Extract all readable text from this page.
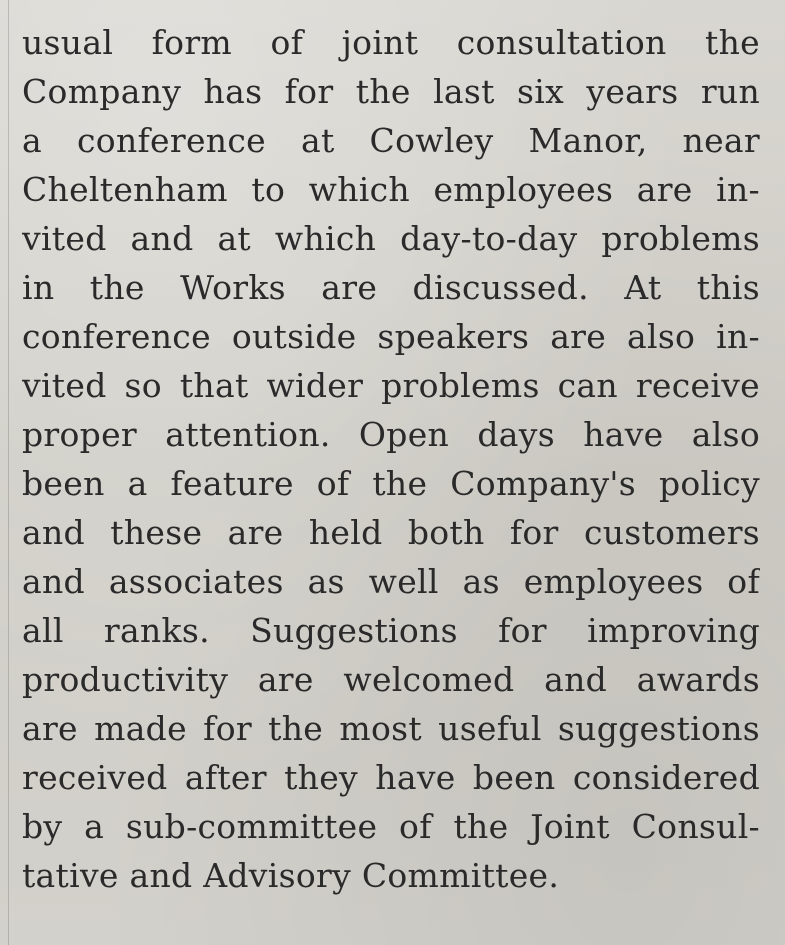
usual form of joint consultation the
Company has for the last six years run
a conference at Cowley Manor, near
Cheltenham to which employees are in-
vited and at which day-to-day problems
in the Works are discussed. At this
conference outside speakers are also in-
vited so that wider problems can receive
proper attention. Open days have also
been a feature of the Company's policy
and these are held both for customers
and associates as well as employees of
all ranks. Suggestions for improving
productivity are welcomed and awards
are made for the most useful suggestions
received after they have been considered
by a sub-committee of the Joint Consul-
tative and Advisory Committee.
